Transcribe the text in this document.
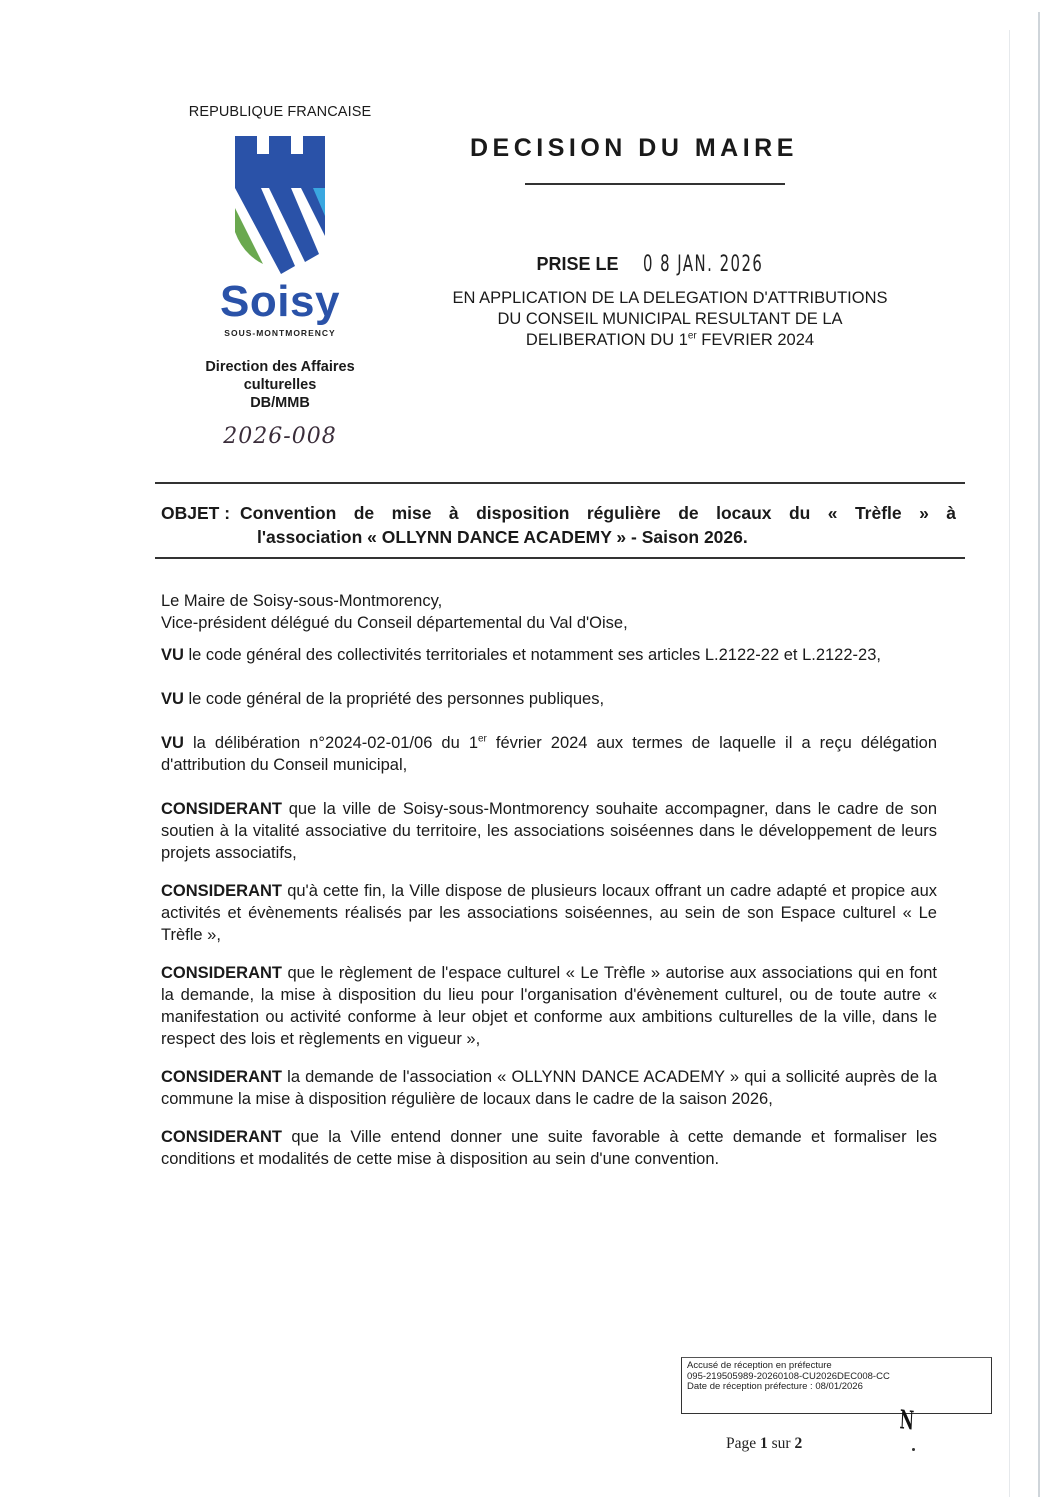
REPUBLIQUE FRANCAISE
Soisy
SOUS-MONTMORENCY
Direction des Affaires
culturelles
DB/MMB
2026-008
DECISION DU MAIRE
PRISE LE 0 8 JAN. 2026
EN APPLICATION DE LA DELEGATION D'ATTRIBUTIONS
DU CONSEIL MUNICIPAL RESULTANT DE LA
DELIBERATION DU 1er FEVRIER 2024
OBJET : Convention de mise à disposition régulière de locaux du « Trèfle » à
l'association « OLLYNN DANCE ACADEMY » - Saison 2026.

Le Maire de Soisy-sous-Montmorency,

Vice-président délégué du Conseil départemental du Val d'Oise,

VU le code général des collectivités territoriales et notamment ses articles L.2122-22 et L.2122-23,

VU le code général de la propriété des personnes publiques,

VU la délibération n°2024-02-01/06 du 1er février 2024 aux termes de laquelle il a reçu délégation d'attribution du Conseil municipal,

CONSIDERANT que la ville de Soisy-sous-Montmorency souhaite accompagner, dans le cadre de son soutien à la vitalité associative du territoire, les associations soiséennes dans le développement de leurs projets associatifs,

CONSIDERANT qu'à cette fin, la Ville dispose de plusieurs locaux offrant un cadre adapté et propice aux activités et évènements réalisés par les associations soiséennes, au sein de son Espace culturel « Le Trèfle »,

CONSIDERANT que le règlement de l'espace culturel « Le Trèfle » autorise aux associations qui en font la demande, la mise à disposition du lieu pour l'organisation d'évènement culturel, ou de toute autre « manifestation ou activité conforme à leur objet et conforme aux ambitions culturelles de la ville, dans le respect des lois et règlements en vigueur »,

CONSIDERANT la demande de l'association « OLLYNN DANCE ACADEMY » qui a sollicité auprès de la commune la mise à disposition régulière de locaux dans le cadre de la saison 2026,

CONSIDERANT que la Ville entend donner une suite favorable à cette demande et formaliser les conditions et modalités de cette mise à disposition au sein d'une convention.

Accusé de réception en préfecture
095-219505989-20260108-CU2026DEC008-CC
Date de réception préfecture : 08/01/2026
N
Page 1 sur 2
